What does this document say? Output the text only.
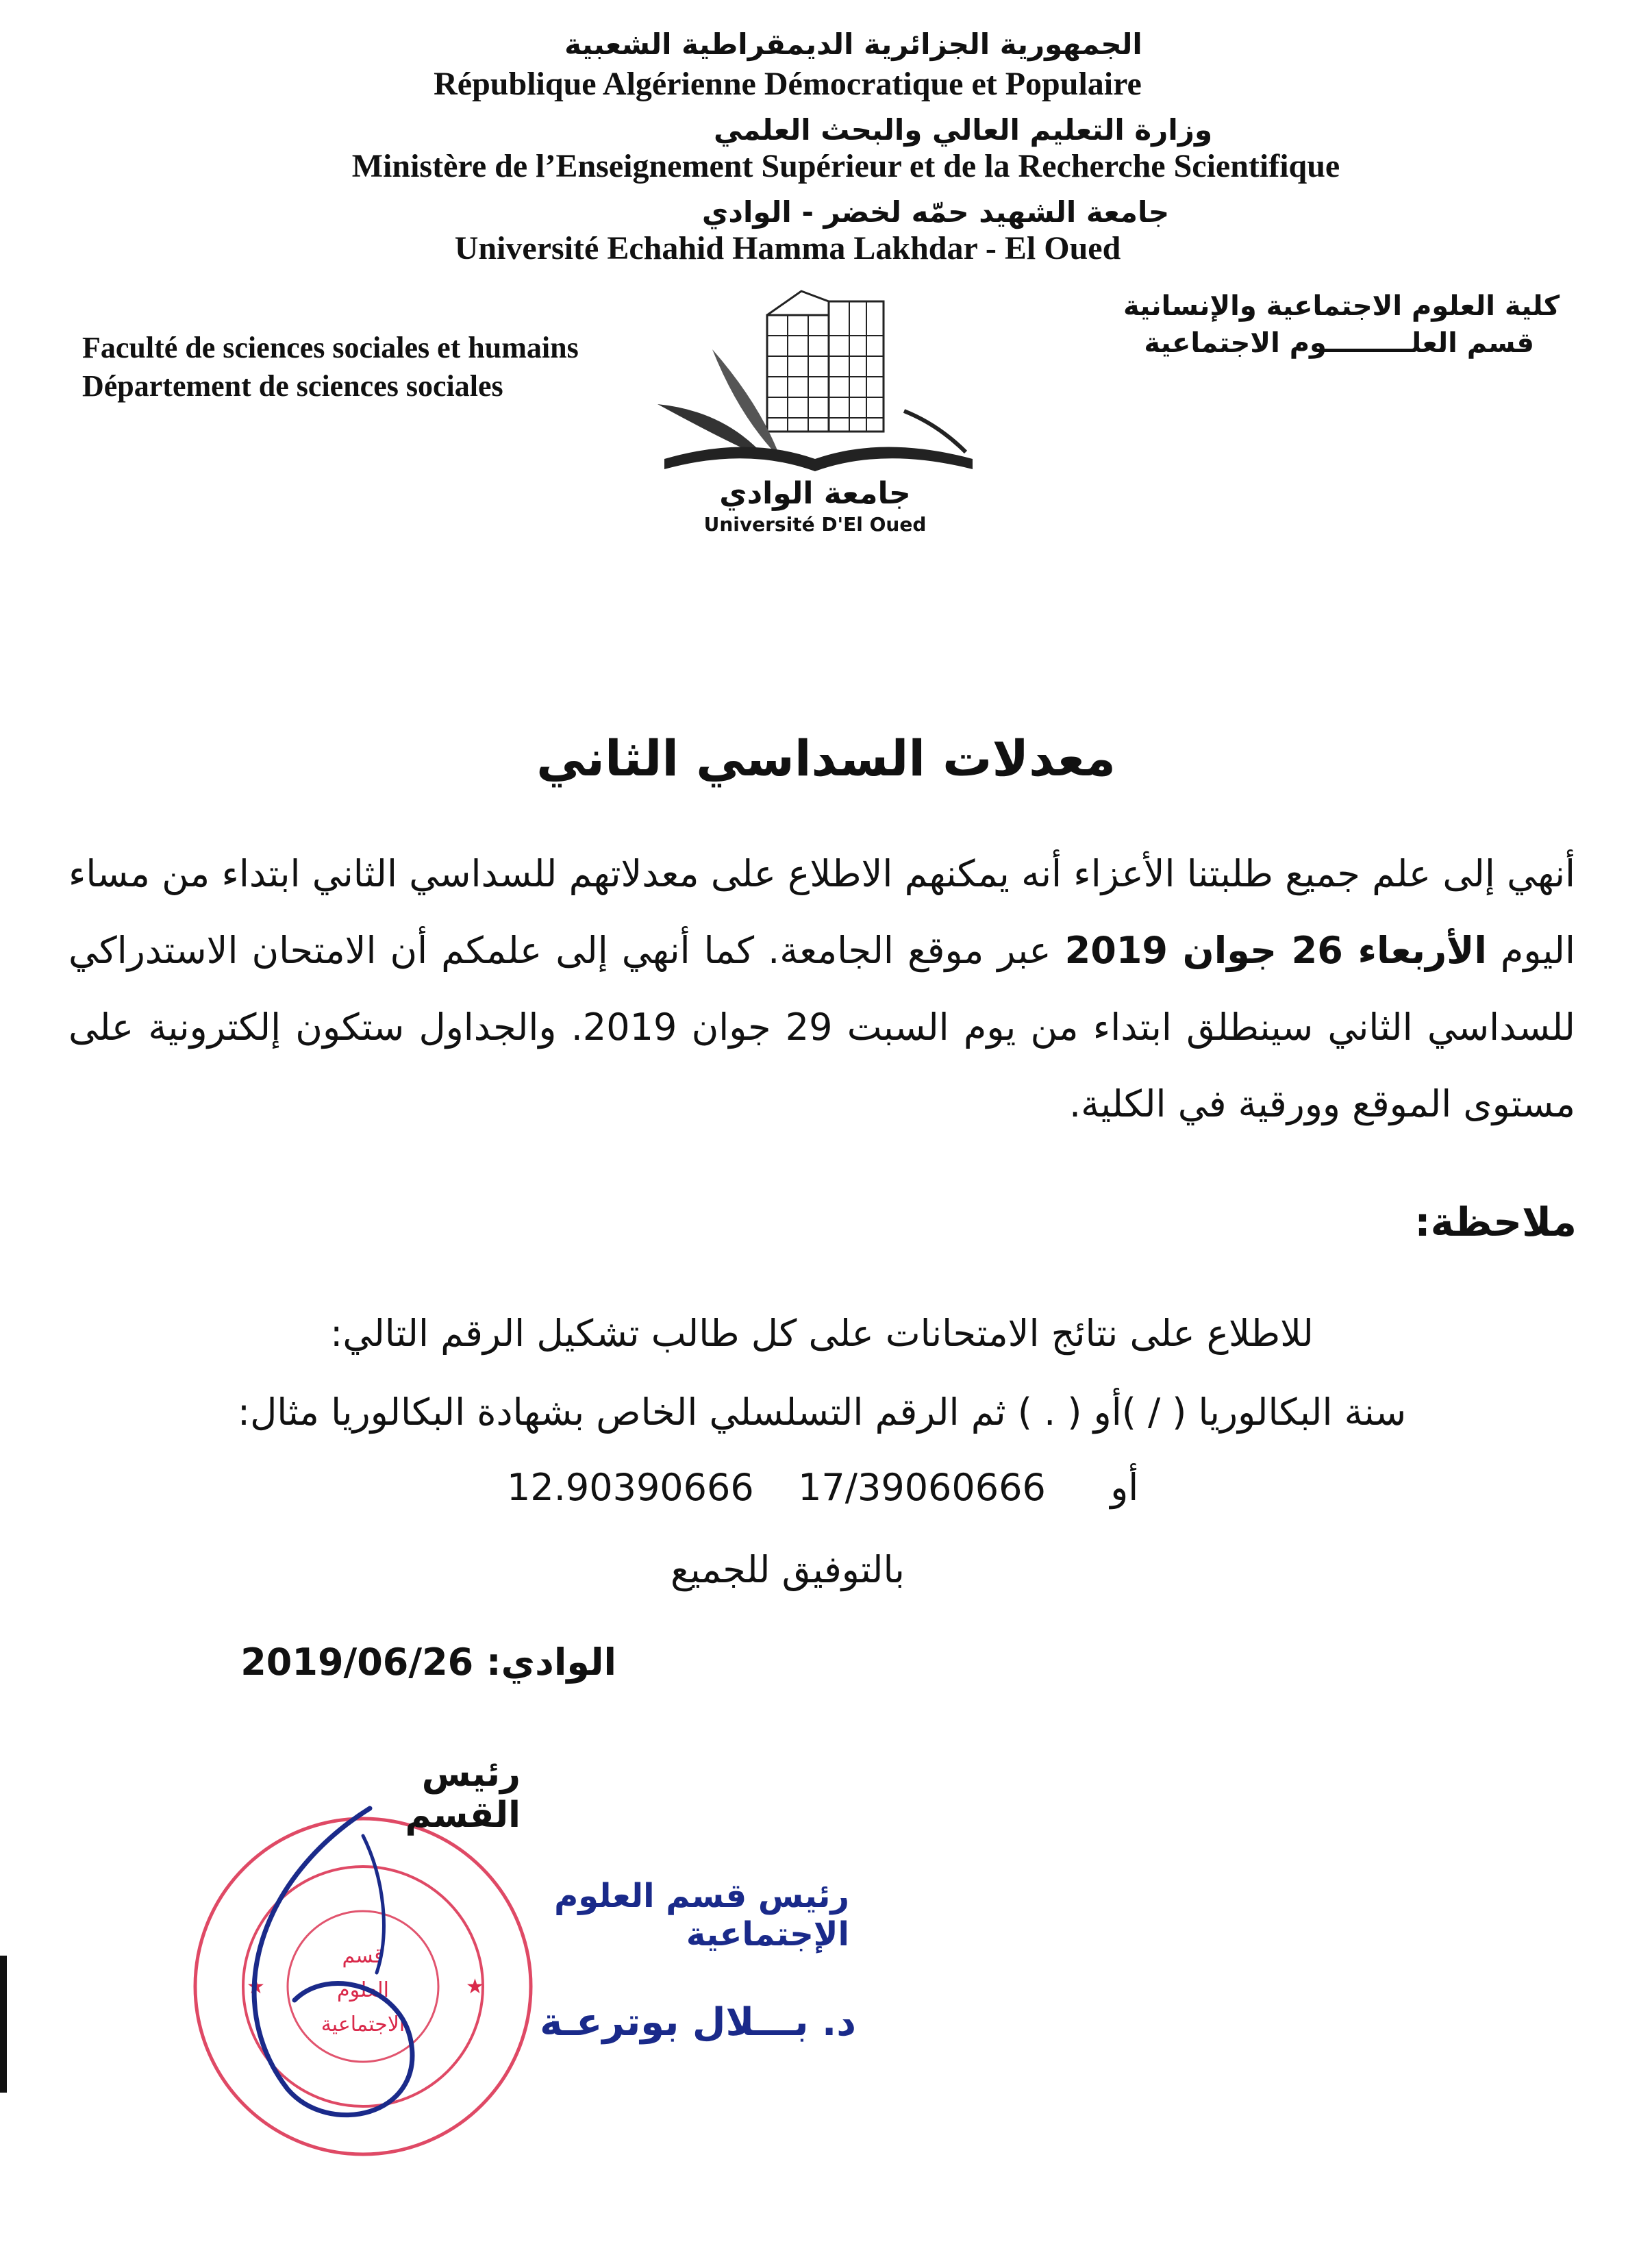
الجمهورية الجزائرية الديمقراطية الشعبية
République Algérienne Démocratique et Populaire
وزارة التعليم العالي والبحث العلمي
Ministère de l’Enseignement Supérieur et de la Recherche Scientifique
جامعة الشهيد حمّه لخضر - الوادي
Université Echahid Hamma Lakhdar - El Oued
Faculté de sciences sociales et humains
Département de sciences sociales
كلية العلوم الاجتماعية والإنسانية
قسم العلـــــــــوم الاجتماعية
جامعة الوادي
Université D'El Oued
معدلات السداسي الثاني
أنهي إلى علم جميع طلبتنا الأعزاء أنه يمكنهم الاطلاع على معدلاتهم للسداسي الثاني ابتداء من مساء اليوم الأربعاء 26 جوان 2019 عبر موقع الجامعة. كما أنهي إلى علمكم أن الامتحان الاستدراكي للسداسي الثاني سينطلق ابتداء من يوم السبت 29 جوان 2019. والجداول ستكون إلكترونية على مستوى الموقع وورقية في الكلية.
ملاحظة:
للاطلاع على نتائج الامتحانات على كل طالب تشكيل الرقم التالي:
سنة البكالوريا ( / )أو ( . ) ثم الرقم التسلسلي الخاص بشهادة البكالوريا مثال:
12.90390666	أو  17/39060666
بالتوفيق للجميع
الوادي: 2019/06/26
★	★
قسم
العلوم
الاجتماعية
رئيس القسم
رئيس قسم العلوم الإجتماعية
د. بـــلال بوترعـة
